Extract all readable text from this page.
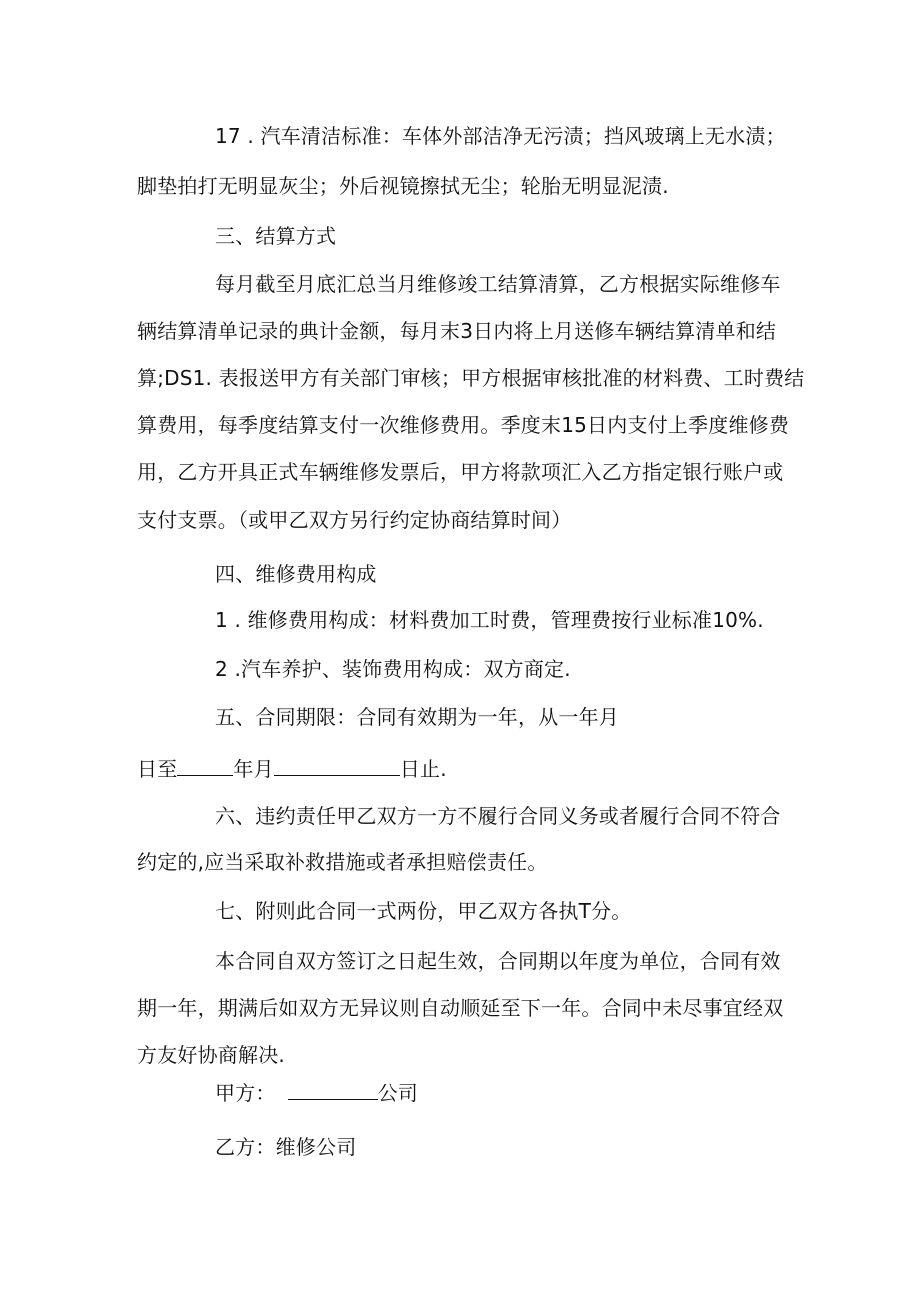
17 . 汽车清洁标准：车体外部洁净无污渍；挡风玻璃上无水渍；
脚垫拍打无明显灰尘；外后视镜擦拭无尘；轮胎无明显泥渍.
三、结算方式
每月截至月底汇总当月维修竣工结算清算，乙方根据实际维修车
辆结算清单记录的典计金额，每月末3日内将上月送修车辆结算清单和结
算;DS1. 表报送甲方有关部门审核；甲方根据审核批准的材料费、工时费结
算费用，每季度结算支付一次维修费用。季度末15日内支付上季度维修费
用，乙方开具正式车辆维修发票后，甲方将款项汇入乙方指定银行账户或
支付支票。（或甲乙双方另行约定协商结算时间）
四、维修费用构成
1 . 维修费用构成：材料费加工时费，管理费按行业标准10%.
2 .汽车养护、装饰费用构成：双方商定.
五、合同期限：合同有效期为一年，从一年月
日至	年月	日止.
六、违约责任甲乙双方一方不履行合同义务或者履行合同不符合
约定的,应当采取补救措施或者承担赔偿责任。
七、附则此合同一式两份，甲乙双方各执T分。
本合同自双方签订之日起生效，合同期以年度为单位，合同有效
期一年，期满后如双方无异议则自动顺延至下一年。合同中未尽事宜经双
方友好协商解决.
甲方：	公司
乙方：维修公司
